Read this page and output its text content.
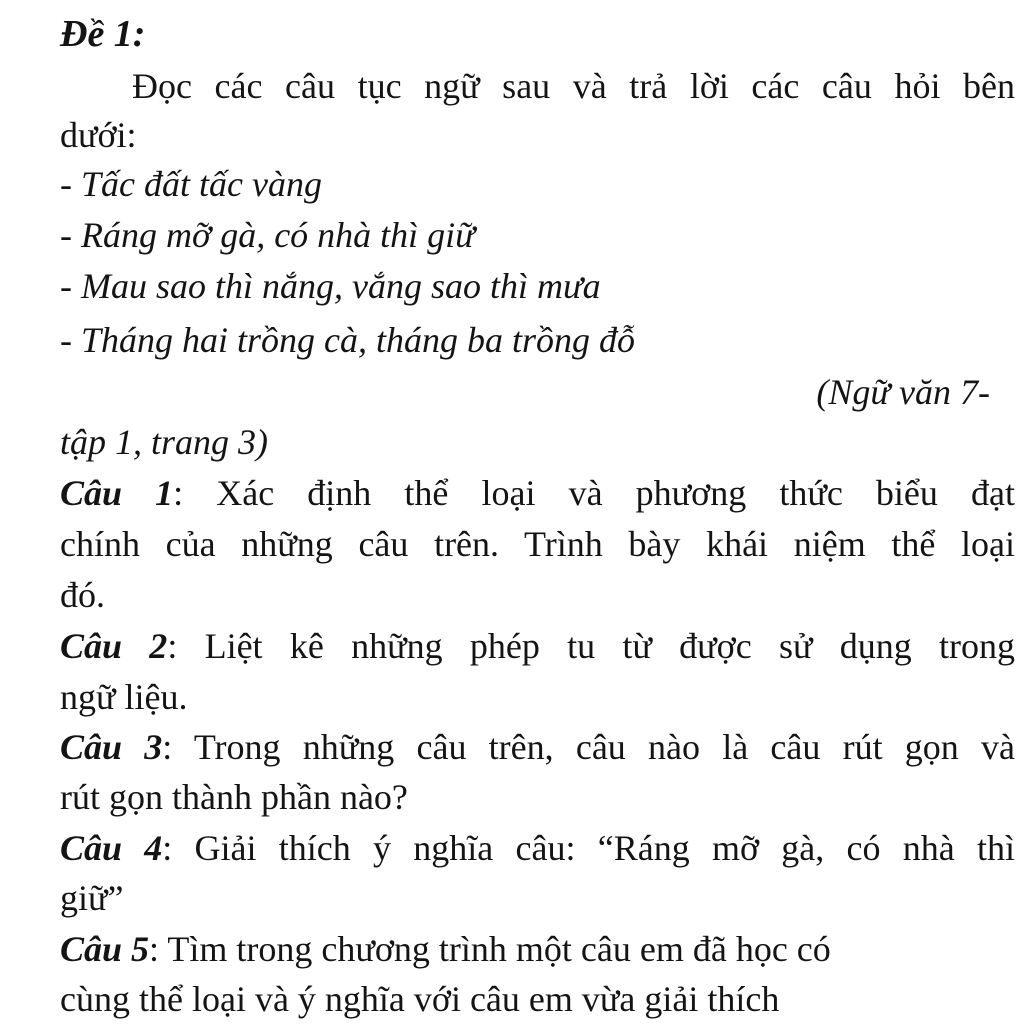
Đề 1:
Đọc các câu tục ngữ sau và trả lời các câu hỏi bên
dưới:
- Tấc đất tấc vàng
- Ráng mỡ gà, có nhà thì giữ
- Mau sao thì nắng, vắng sao thì mưa
- Tháng hai trồng cà, tháng ba trồng đỗ
(Ngữ văn 7-
tập 1, trang 3)
Câu 1: Xác định thể loại và phương thức biểu đạt
chính của những câu trên. Trình bày khái niệm thể loại
đó.
Câu 2: Liệt kê những phép tu từ được sử dụng trong
ngữ liệu.
Câu 3: Trong những câu trên, câu nào là câu rút gọn và
rút gọn thành phần nào?
Câu 4: Giải thích ý nghĩa câu: “Ráng mỡ gà, có nhà thì
giữ”
Câu 5: Tìm trong chương trình một câu em đã học có
cùng thể loại và ý nghĩa với câu em vừa giải thích
